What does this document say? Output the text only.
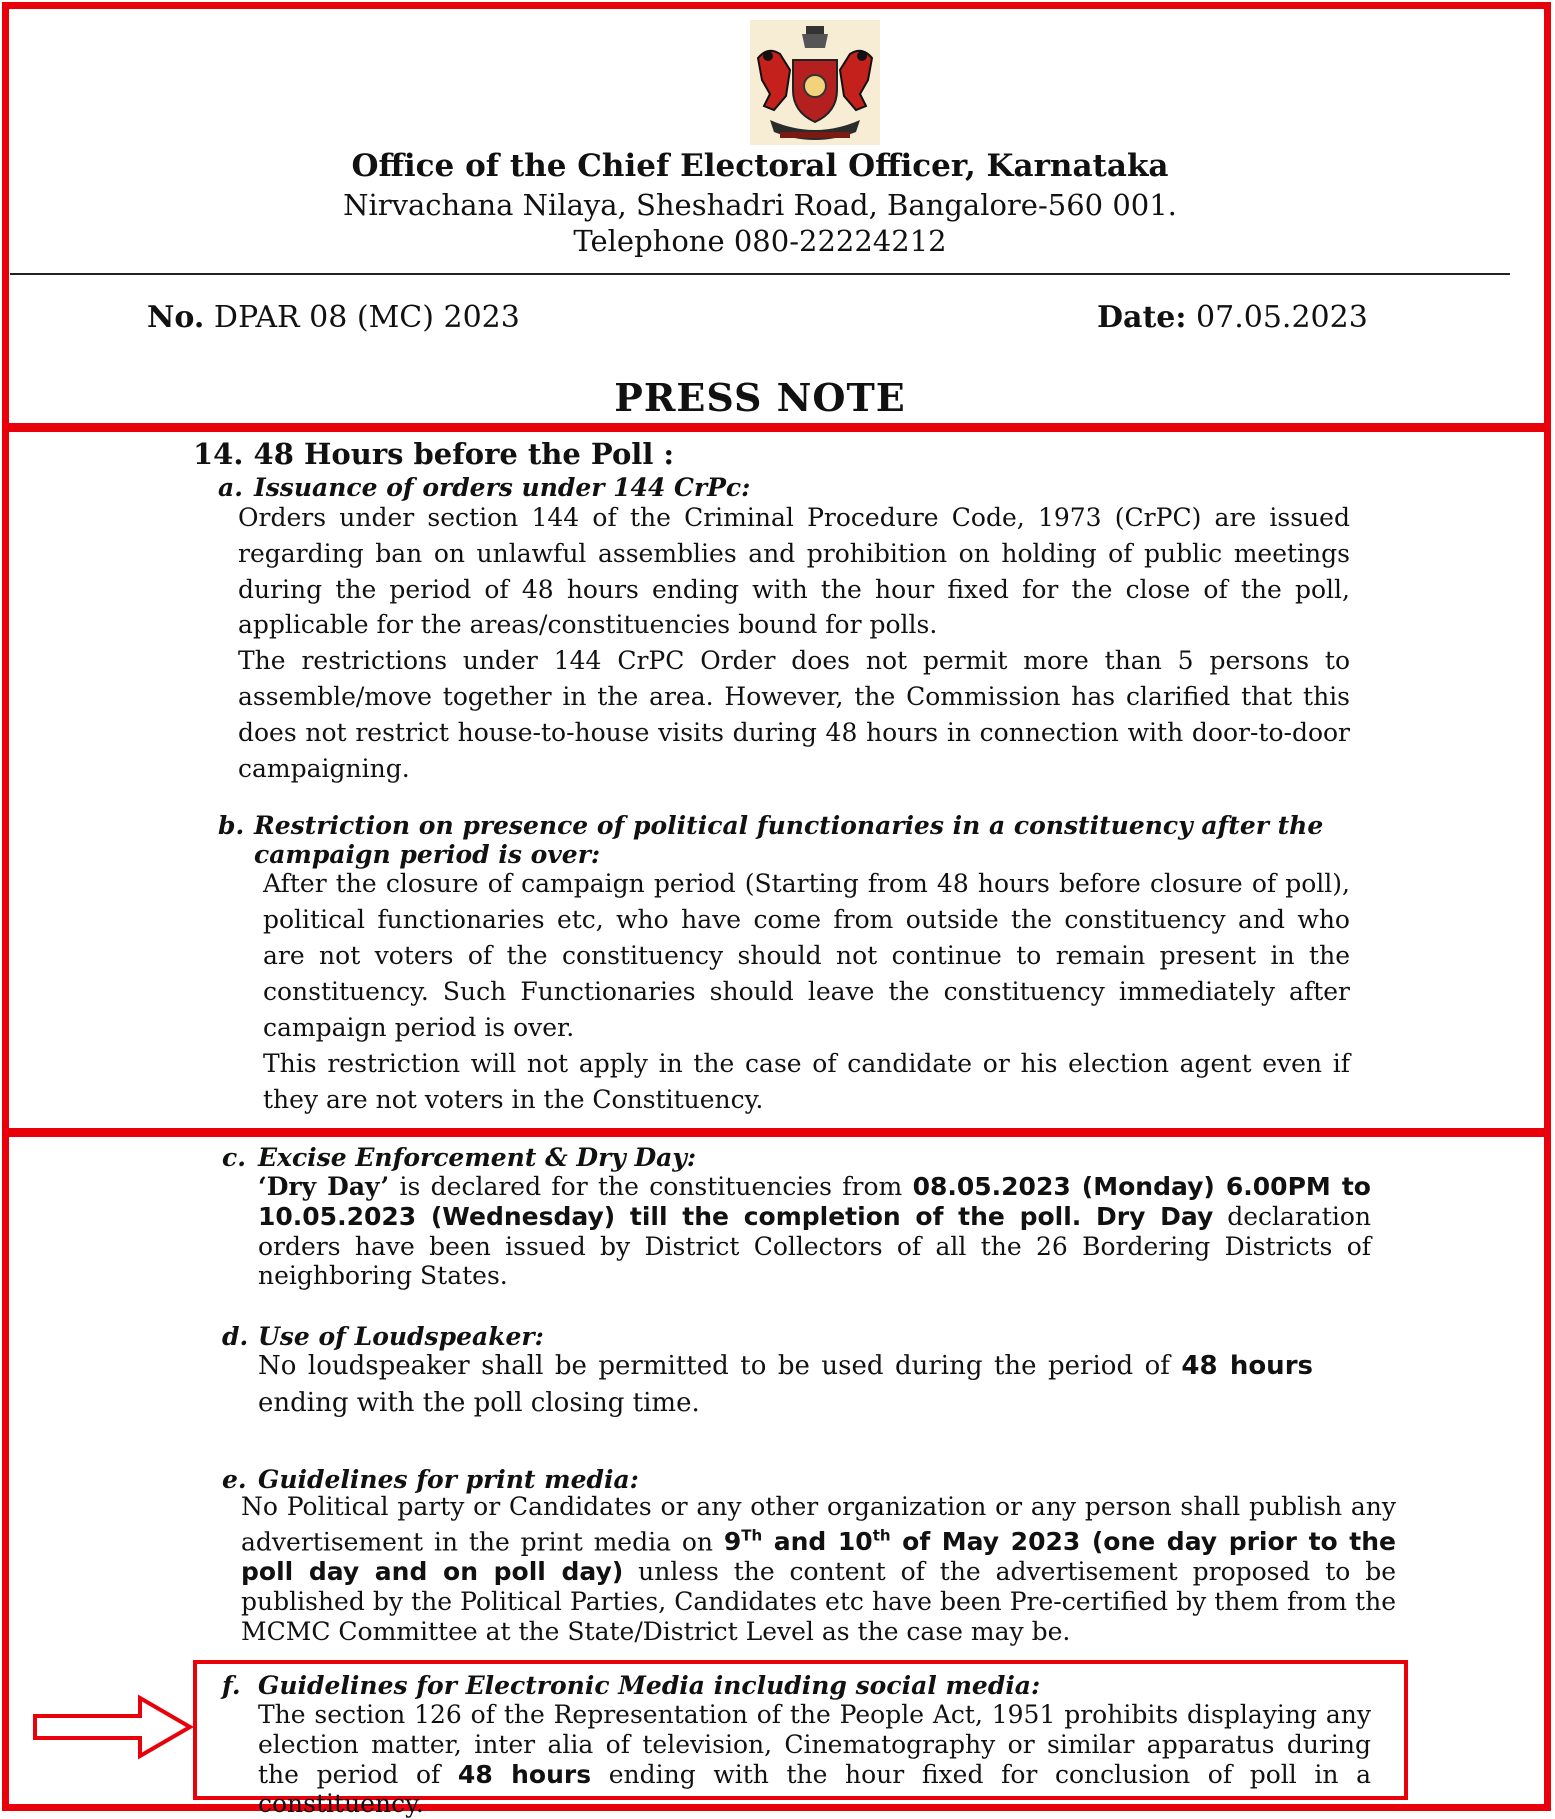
Office of the Chief Electoral Officer, Karnataka
Nirvachana Nilaya, Sheshadri Road, Bangalore-560 001.
Telephone 080-22224212
No. DPAR 08 (MC) 2023	Date: 07.05.2023
PRESS NOTE
14. 48 Hours before the Poll :
a. Issuance of orders under 144 CrPc:

Orders under section 144 of the Criminal Procedure Code, 1973 (CrPC) are issued regarding ban on unlawful assemblies and prohibition on holding of public meetings during the period of 48 hours ending with the hour fixed for the close of the poll, applicable for the areas/constituencies bound for polls.

The restrictions under 144 CrPC Order does not permit more than 5 persons to assemble/move together in the area. However, the Commission has clarified that this does not restrict house-to-house visits during 48 hours in connection with door-to-door campaigning.

b. Restriction on presence of political functionaries in a constituency after the
campaign period is over:

After the closure of campaign period (Starting from 48 hours before closure of poll), political functionaries etc, who have come from outside the constituency and who are not voters of the constituency should not continue to remain present in the constituency. Such Functionaries should leave the constituency immediately after campaign period is over.

This restriction will not apply in the case of candidate or his election agent even if they are not voters in the Constituency.

c. Excise Enforcement & Dry Day:

‘Dry Day’ is declared for the constituencies from 08.05.2023 (Monday) 6.00PM to 10.05.2023 (Wednesday) till the completion of the poll. Dry Day declaration orders have been issued by District Collectors of all the 26 Bordering Districts of neighboring States.

d. Use of Loudspeaker:

No loudspeaker shall be permitted to be used during the period of 48 hours ending with the poll closing time.

e. Guidelines for print media:

No Political party or Candidates or any other organization or any person shall publish any advertisement in the print media on 9Th and 10th of May 2023 (one day prior to the poll day and on poll day) unless the content of the advertisement proposed to be published by the Political Parties, Candidates etc have been Pre-certified by them from the MCMC Committee at the State/District Level as the case may be.

f. Guidelines for Electronic Media including social media:

The section 126 of the Representation of the People Act, 1951 prohibits displaying any election matter, inter alia of television, Cinematography or similar apparatus during the period of 48 hours ending with the hour fixed for conclusion of poll in a constituency.
